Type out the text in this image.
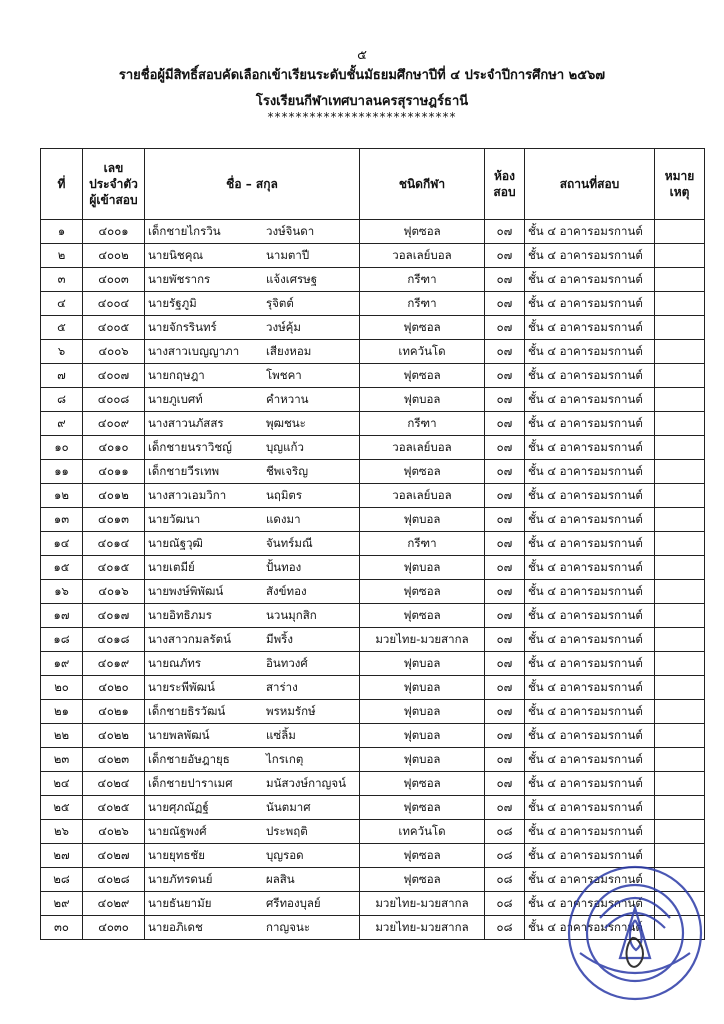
๕
รายชื่อผู้มีสิทธิ์สอบคัดเลือกเข้าเรียนระดับชั้นมัธยมศึกษาปีที่ ๔ ประจำปีการศึกษา ๒๕๖๗
โรงเรียนกีฬาเทศบาลนครสุราษฎร์ธานี
***************************
ที่	เลข ประจำตัว ผู้เข้าสอบ	ชื่อ – สกุล	ชนิดกีฬา	ห้อง สอบ	สถานที่สอบ	หมาย เหตุ
๑	๔๐๐๑	เด็กชายไกรวิน วงษ์จินดา	ฟุตซอล	๐๗	ชั้น ๔ อาคารอมรกานต์	
๒	๔๐๐๒	นายนิชคุณ นามตาปี	วอลเลย์บอล	๐๗	ชั้น ๔ อาคารอมรกานต์	
๓	๔๐๐๓	นายพัชรากร แจ้งเศรษฐ	กรีฑา	๐๗	ชั้น ๔ อาคารอมรกานต์	
๔	๔๐๐๔	นายรัฐภูมิ รุจิตต์	กรีฑา	๐๗	ชั้น ๔ อาคารอมรกานต์	
๕	๔๐๐๕	นายจักรรินทร์ วงษ์คุ้ม	ฟุตซอล	๐๗	ชั้น ๔ อาคารอมรกานต์	
๖	๔๐๐๖	นางสาวเบญญาภา เสียงหอม	เทควันโด	๐๗	ชั้น ๔ อาคารอมรกานต์	
๗	๔๐๐๗	นายกฤษฎา โพชคา	ฟุตซอล	๐๗	ชั้น ๔ อาคารอมรกานต์	
๘	๔๐๐๘	นายภูเบศท์ คำหวาน	ฟุตบอล	๐๗	ชั้น ๔ อาคารอมรกานต์	
๙	๔๐๐๙	นางสาวนภัสสร พุฒชนะ	กรีฑา	๐๗	ชั้น ๔ อาคารอมรกานต์	
๑๐	๔๐๑๐	เด็กชายนราวิชญ์ บุญแก้ว	วอลเลย์บอล	๐๗	ชั้น ๔ อาคารอมรกานต์	
๑๑	๔๐๑๑	เด็กชายวีรเทพ ชีพเจริญ	ฟุตซอล	๐๗	ชั้น ๔ อาคารอมรกานต์	
๑๒	๔๐๑๒	นางสาวเอมวิกา นฤมิตร	วอลเลย์บอล	๐๗	ชั้น ๔ อาคารอมรกานต์	
๑๓	๔๐๑๓	นายวัฒนา แดงมา	ฟุตบอล	๐๗	ชั้น ๔ อาคารอมรกานต์	
๑๔	๔๐๑๔	นายณัฐวุฒิ จันทร์มณี	กรีฑา	๐๗	ชั้น ๔ อาคารอมรกานต์	
๑๕	๔๐๑๕	นายเตมีย์ ปั้นทอง	ฟุตบอล	๐๗	ชั้น ๔ อาคารอมรกานต์	
๑๖	๔๐๑๖	นายพงษ์พิพัฒน์ สังข์ทอง	ฟุตซอล	๐๗	ชั้น ๔ อาคารอมรกานต์	
๑๗	๔๐๑๗	นายอิทธิภมร นวนมุกสิก	ฟุตซอล	๐๗	ชั้น ๔ อาคารอมรกานต์	
๑๘	๔๐๑๘	นางสาวกมลรัตน์ มีพริ้ง	มวยไทย-มวยสากล	๐๗	ชั้น ๔ อาคารอมรกานต์	
๑๙	๔๐๑๙	นายณภัทร อินทวงศ์	ฟุตบอล	๐๗	ชั้น ๔ อาคารอมรกานต์	
๒๐	๔๐๒๐	นายระพีพัฒน์ สาร่าง	ฟุตบอล	๐๗	ชั้น ๔ อาคารอมรกานต์	
๒๑	๔๐๒๑	เด็กชายธิรวัฒน์ พรหมรักษ์	ฟุตบอล	๐๗	ชั้น ๔ อาคารอมรกานต์	
๒๒	๔๐๒๒	นายพลพัฒน์ แซ่ลิ้ม	ฟุตบอล	๐๗	ชั้น ๔ อาคารอมรกานต์	
๒๓	๔๐๒๓	เด็กชายอัษฎายุธ ไกรเกตุ	ฟุตบอล	๐๗	ชั้น ๔ อาคารอมรกานต์	
๒๔	๔๐๒๔	เด็กชายปาราเมศ มนัสวงษ์กาญจน์	ฟุตซอล	๐๗	ชั้น ๔ อาคารอมรกานต์	
๒๕	๔๐๒๕	นายศุภณัฏฐ์ นันตมาศ	ฟุตซอล	๐๗	ชั้น ๔ อาคารอมรกานต์	
๒๖	๔๐๒๖	นายณัฐพงศ์ ประพฤติ	เทควันโด	๐๘	ชั้น ๔ อาคารอมรกานต์	
๒๗	๔๐๒๗	นายยุทธชัย บุญรอด	ฟุตซอล	๐๘	ชั้น ๔ อาคารอมรกานต์	
๒๘	๔๐๒๘	นายภัทรดนย์ ผลสิน	ฟุตซอล	๐๘	ชั้น ๔ อาคารอมรกานต์	
๒๙	๔๐๒๙	นายธันยามัย ศรีทองบุลย์	มวยไทย-มวยสากล	๐๘	ชั้น ๔ อาคารอมรกานต์	
๓๐	๔๐๓๐	นายอภิเดช กาญจนะ	มวยไทย-มวยสากล	๐๘	ชั้น ๔ อาคารอมรกานต์	
